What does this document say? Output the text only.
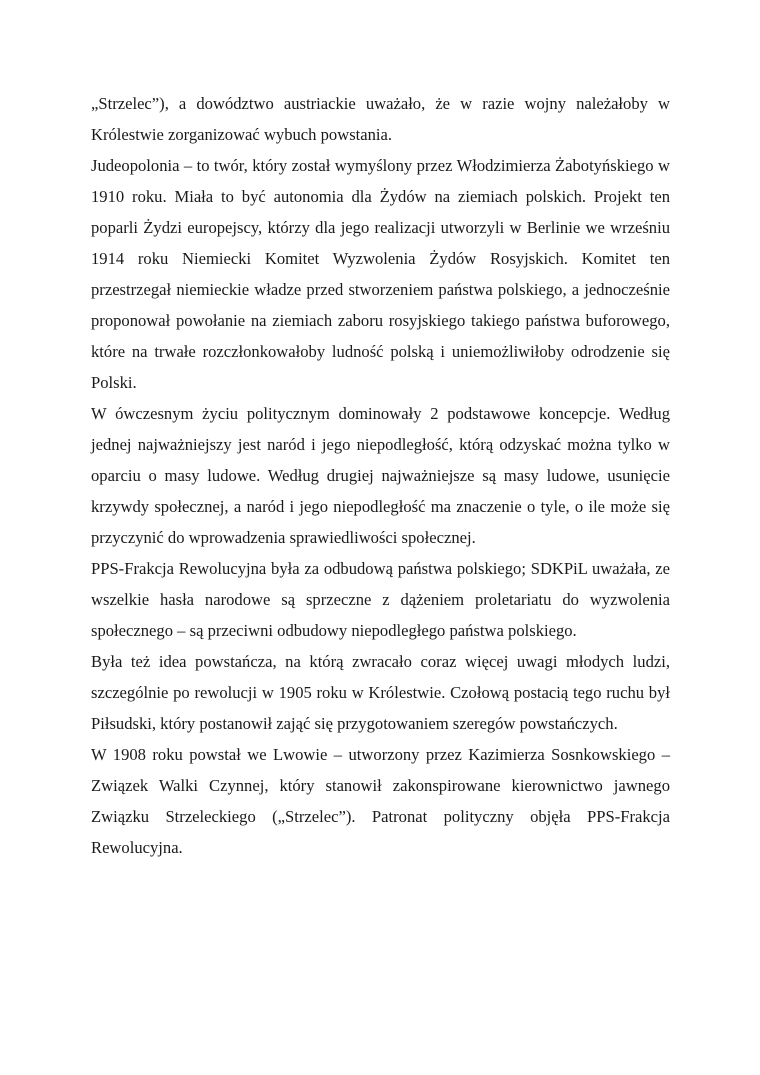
„Strzelec”), a dowództwo austriackie uważało, że w razie wojny należałoby w Królestwie zorganizować wybuch powstania.

Judeopolonia – to twór, który został wymyślony przez Włodzimierza Żabotyńskiego w 1910 roku. Miała to być autonomia dla Żydów na ziemiach polskich. Projekt ten poparli Żydzi europejscy, którzy dla jego realizacji utworzyli w Berlinie we wrześniu 1914 roku Niemiecki Komitet Wyzwolenia Żydów Rosyjskich. Komitet ten przestrzegał niemieckie władze przed stworzeniem państwa polskiego, a jednocześnie proponował powołanie na ziemiach zaboru rosyjskiego takiego państwa buforowego, które na trwałe rozczłonkowałoby ludność polską i uniemożliwiłoby odrodzenie się Polski.

W ówczesnym życiu politycznym dominowały 2 podstawowe koncepcje. Według jednej najważniejszy jest naród i jego niepodległość, którą odzyskać można tylko w oparciu o masy ludowe. Według drugiej najważniejsze są masy ludowe, usunięcie krzywdy społecznej, a naród i jego niepodległość ma znaczenie o tyle, o ile może się przyczynić do wprowadzenia sprawiedliwości społecznej.

PPS-Frakcja Rewolucyjna była za odbudową państwa polskiego; SDKPiL uważała, ze wszelkie hasła narodowe są sprzeczne z dążeniem proletariatu do wyzwolenia społecznego – są przeciwni odbudowy niepodległego państwa polskiego.

Była też idea powstańcza, na którą zwracało coraz więcej uwagi młodych ludzi, szczególnie po rewolucji w 1905 roku w Królestwie. Czołową postacią tego ruchu był Piłsudski, który postanowił zająć się przygotowaniem szeregów powstańczych.

W 1908 roku powstał we Lwowie – utworzony przez Kazimierza Sosnkowskiego – Związek Walki Czynnej, który stanowił zakonspirowane kierownictwo jawnego Związku Strzeleckiego („Strzelec”). Patronat polityczny objęła PPS-Frakcja Rewolucyjna.
